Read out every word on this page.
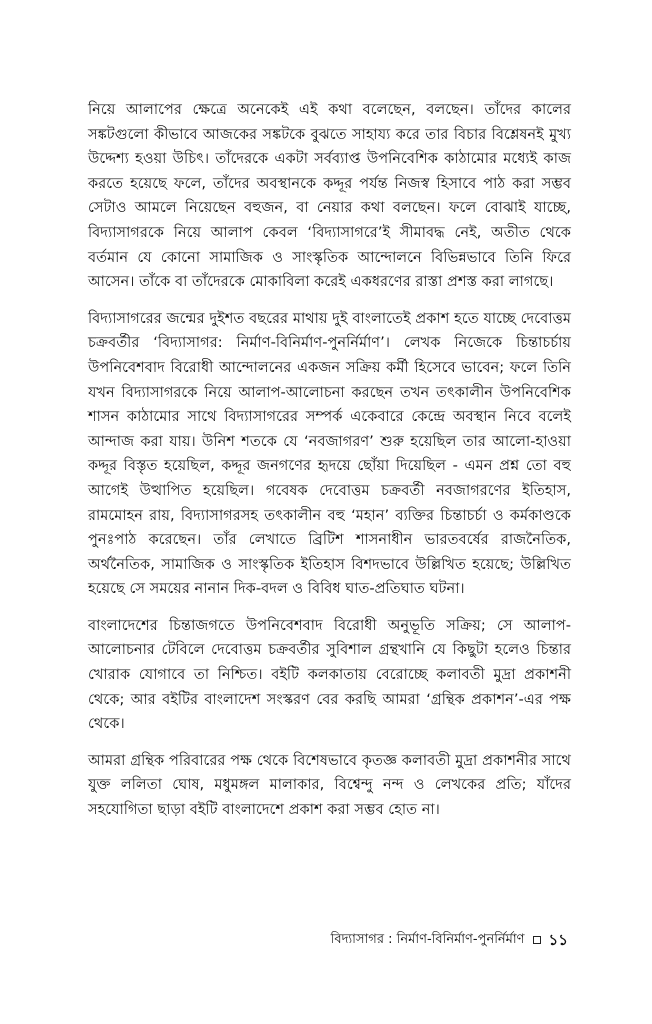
নিয়ে আলাপের ক্ষেত্রে অনেকেই এই কথা বলেছেন, বলছেন। তাঁদের কালের সঙ্কটগুলো কীভাবে আজকের সঙ্কটকে বুঝতে সাহায্য করে তার বিচার বিশ্লেষনই মুখ্য উদ্দেশ্য হওয়া উচিৎ। তাঁদেরকে একটা সর্বব্যাপ্ত উপনিবেশিক কাঠামোর মধ্যেই কাজ করতে হয়েছে ফলে, তাঁদের অবস্থানকে কদ্দূর পর্যন্ত নিজস্ব হিসাবে পাঠ করা সম্ভব সেটাও আমলে নিয়েছেন বহুজন, বা নেয়ার কথা বলছেন। ফলে বোঝাই যাচ্ছে, বিদ্যাসাগরকে নিয়ে আলাপ কেবল ‘বিদ্যাসাগরে’ই সীমাবদ্ধ নেই, অতীত থেকে বর্তমান যে কোনো সামাজিক ও সাংস্কৃতিক আন্দোলনে বিভিন্নভাবে তিনি ফিরে আসেন। তাঁকে বা তাঁদেরকে মোকাবিলা করেই একধরণের রাস্তা প্রশস্ত করা লাগছে।

বিদ্যাসাগরের জন্মের দুইশত বছরের মাথায় দুই বাংলাতেই প্রকাশ হতে যাচ্ছে দেবোত্তম চক্রবর্তীর ‘বিদ্যাসাগর: নির্মাণ-বিনির্মাণ-পুনর্নির্মাণ’। লেখক নিজেকে চিন্তাচর্চায় উপনিবেশবাদ বিরোধী আন্দোলনের একজন সক্রিয় কর্মী হিসেবে ভাবেন; ফলে তিনি যখন বিদ্যাসাগরকে নিয়ে আলাপ-আলোচনা করছেন তখন তৎকালীন উপনিবেশিক শাসন কাঠামোর সাথে বিদ্যাসাগরের সম্পর্ক একেবারে কেন্দ্রে অবস্থান নিবে বলেই আন্দাজ করা যায়। উনিশ শতকে যে ‘নবজাগরণ’ শুরু হয়েছিল তার আলো-হাওয়া কদ্দূর বিস্তৃত হয়েছিল, কদ্দূর জনগণের হৃদয়ে ছোঁয়া দিয়েছিল - এমন প্রশ্ন তো বহু আগেই উত্থাপিত হয়েছিল। গবেষক দেবোত্তম চক্রবর্তী নবজাগরণের ইতিহাস, রামমোহন রায়, বিদ্যাসাগরসহ তৎকালীন বহু ‘মহান’ ব্যক্তির চিন্তাচর্চা ও কর্মকাণ্ডকে পুনঃপাঠ করেছেন। তাঁর লেখাতে ব্রিটিশ শাসনাধীন ভারতবর্ষের রাজনৈতিক, অর্থনৈতিক, সামাজিক ও সাংস্কৃতিক ইতিহাস বিশদভাবে উল্লিখিত হয়েছে; উল্লিখিত হয়েছে সে সময়ের নানান দিক-বদল ও বিবিধ ঘাত-প্রতিঘাত ঘটনা।

বাংলাদেশের চিন্তাজগতে উপনিবেশবাদ বিরোধী অনুভূতি সক্রিয়; সে আলাপ-আলোচনার টেবিলে দেবোত্তম চক্রবর্তীর সুবিশাল গ্রন্থখানি যে কিছুটা হলেও চিন্তার খোরাক যোগাবে তা নিশ্চিত। বইটি কলকাতায় বেরোচ্ছে কলাবতী মুদ্রা প্রকাশনী থেকে; আর বইটির বাংলাদেশ সংস্করণ বের করছি আমরা ‘গ্রন্থিক প্রকাশন’-এর পক্ষ থেকে।

আমরা গ্রন্থিক পরিবারের পক্ষ থেকে বিশেষভাবে কৃতজ্ঞ কলাবতী মুদ্রা প্রকাশনীর সাথে যুক্ত ললিতা ঘোষ, মধুমঙ্গল মালাকার, বিশ্বেন্দু নন্দ ও লেখকের প্রতি; যাঁদের সহযোগিতা ছাড়া বইটি বাংলাদেশে প্রকাশ করা সম্ভব হোত না।

বিদ্যাসাগর : নির্মাণ-বিনির্মাণ-পুনর্নির্মাণ ১১
